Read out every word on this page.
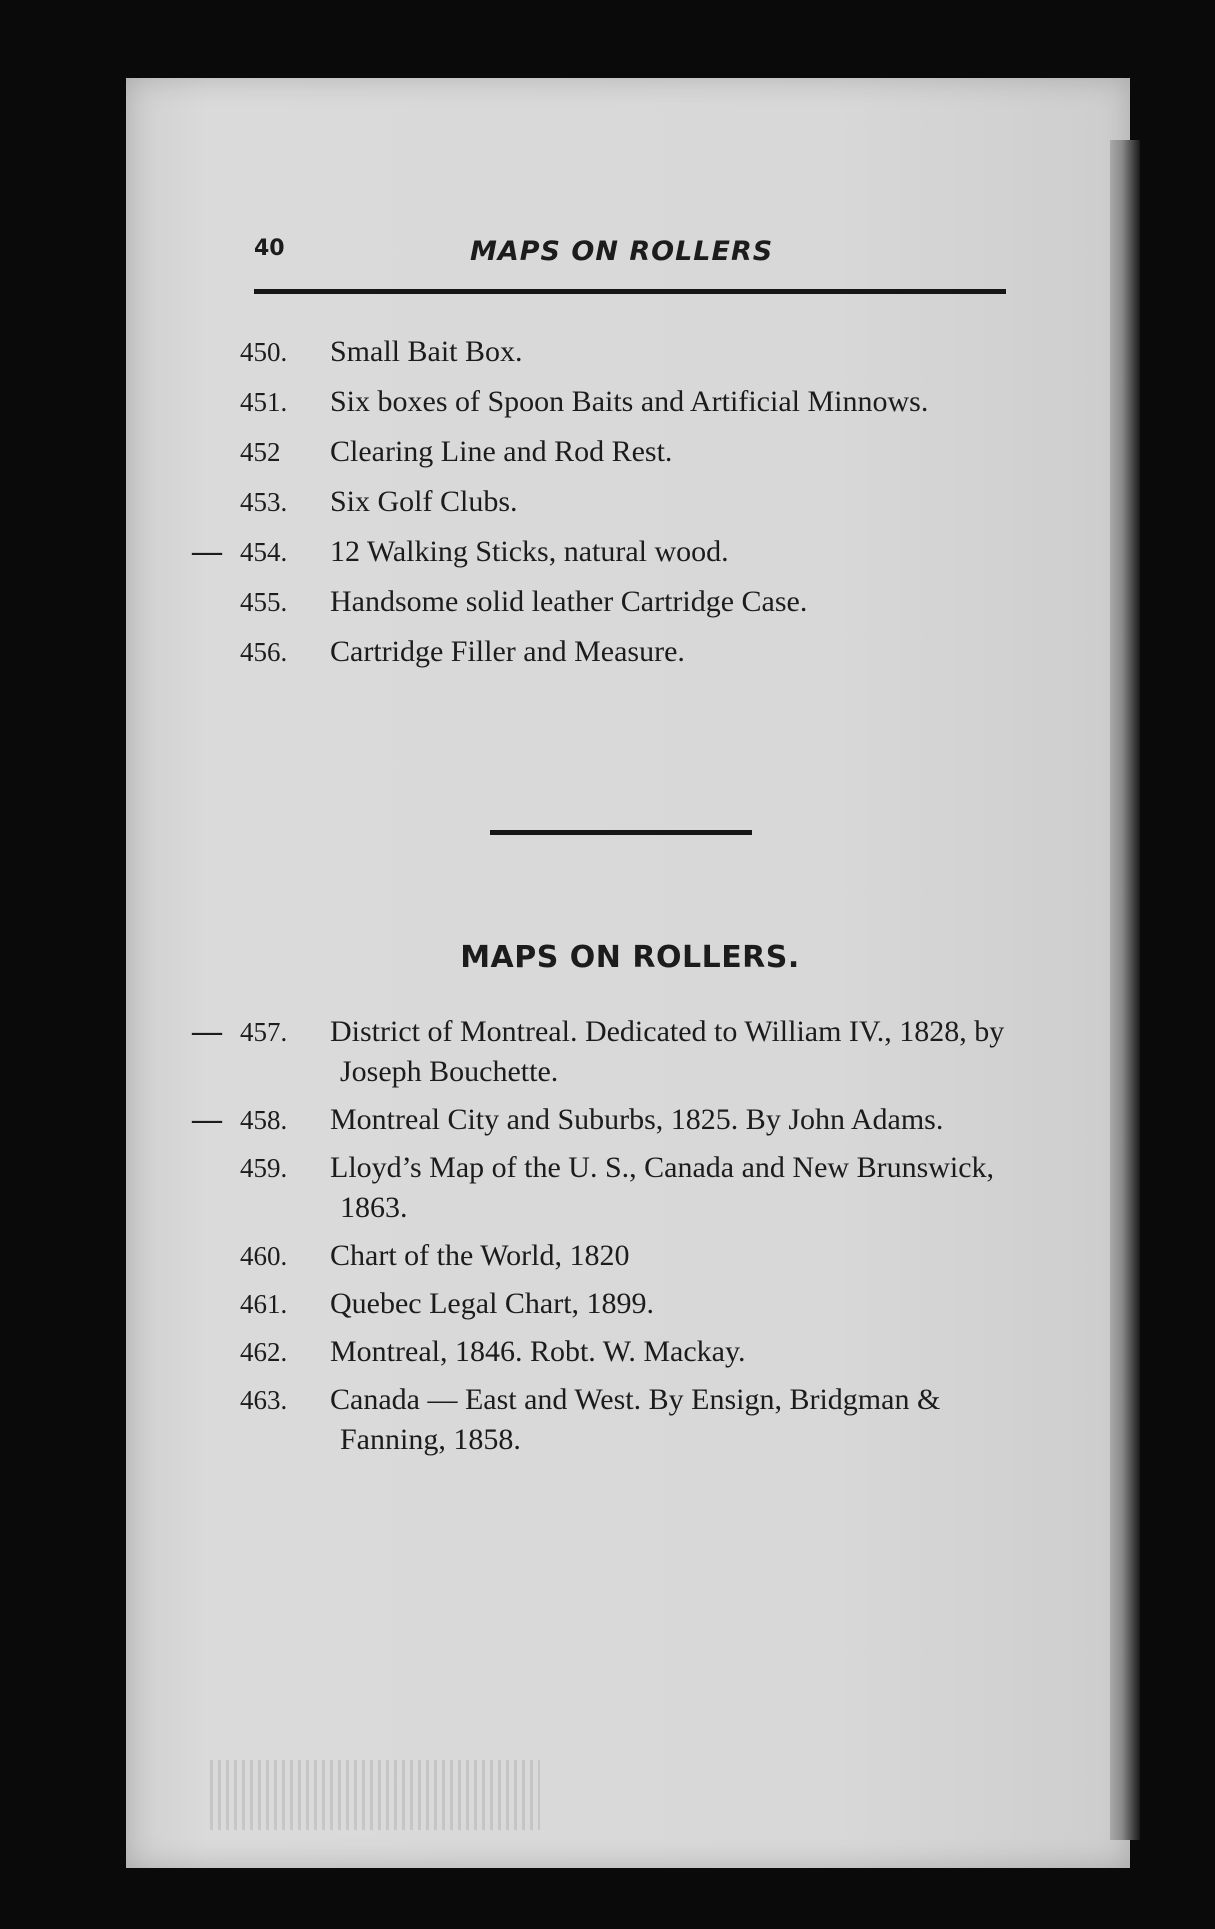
40	MAPS ON ROLLERS
450. Small Bait Box.
451. Six boxes of Spoon Baits and Artificial Minnows.
452 Clearing Line and Rod Rest.
453. Six Golf Clubs.
— 454. 12 Walking Sticks, natural wood.
455. Handsome solid leather Cartridge Case.
456. Cartridge Filler and Measure.
MAPS ON ROLLERS.
— 457. District of Montreal. Dedicated to William IV., 1828, by Joseph Bouchette.
— 458. Montreal City and Suburbs, 1825. By John Adams.
459. Lloyd’s Map of the U. S., Canada and New Brunswick, 1863.
460. Chart of the World, 1820
461. Quebec Legal Chart, 1899.
462. Montreal, 1846. Robt. W. Mackay.
463. Canada — East and West. By Ensign, Bridgman & Fanning, 1858.
